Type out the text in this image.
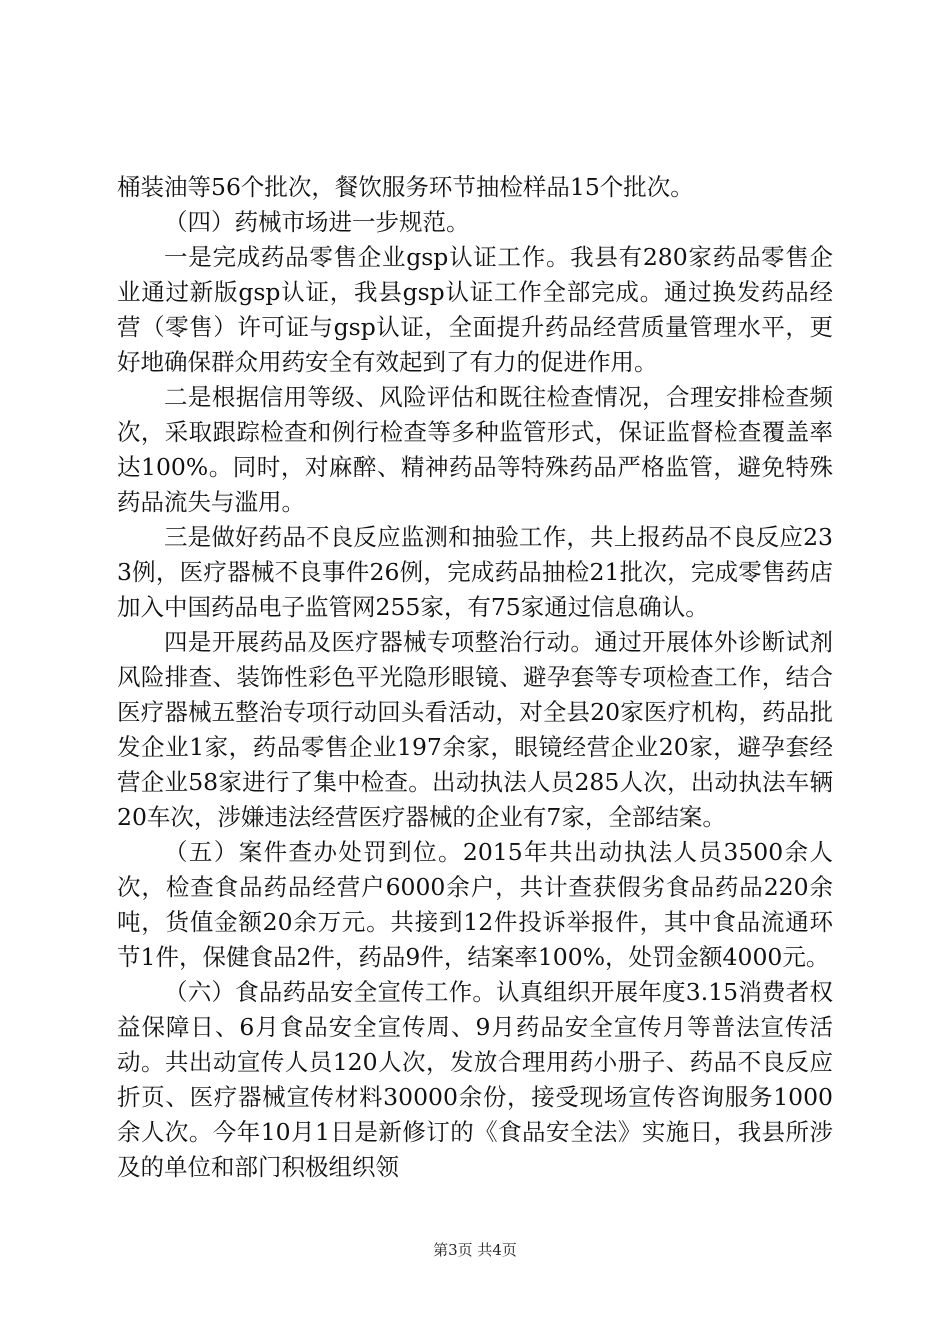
桶装油等56个批次，餐饮服务环节抽检样品15个批次。

（四）药械市场进一步规范。

一是完成药品零售企业gsp认证工作。我县有280家药品零售企业通过新版gsp认证，我县gsp认证工作全部完成。通过换发药品经营（零售）许可证与gsp认证，全面提升药品经营质量管理水平，更好地确保群众用药安全有效起到了有力的促进作用。

二是根据信用等级、风险评估和既往检查情况，合理安排检查频次，采取跟踪检查和例行检查等多种监管形式，保证监督检查覆盖率达100%。同时，对麻醉、精神药品等特殊药品严格监管，避免特殊药品流失与滥用。

三是做好药品不良反应监测和抽验工作，共上报药品不良反应233例，医疗器械不良事件26例，完成药品抽检21批次，完成零售药店加入中国药品电子监管网255家，有75家通过信息确认。

四是开展药品及医疗器械专项整治行动。通过开展体外诊断试剂风险排查、装饰性彩色平光隐形眼镜、避孕套等专项检查工作，结合医疗器械五整治专项行动回头看活动，对全县20家医疗机构，药品批发企业1家，药品零售企业197余家，眼镜经营企业20家，避孕套经营企业58家进行了集中检查。出动执法人员285人次，出动执法车辆20车次，涉嫌违法经营医疗器械的企业有7家，全部结案。

（五）案件查办处罚到位。2015年共出动执法人员3500余人次，检查食品药品经营户6000余户，共计查获假劣食品药品220余吨，货值金额20余万元。共接到12件投诉举报件，其中食品流通环节1件，保健食品2件，药品9件，结案率100%，处罚金额4000元。

（六）食品药品安全宣传工作。认真组织开展年度3.15消费者权益保障日、6月食品安全宣传周、9月药品安全宣传月等普法宣传活动。共出动宣传人员120人次，发放合理用药小册子、药品不良反应折页、医疗器械宣传材料30000余份，接受现场宣传咨询服务1000余人次。今年10月1日是新修订的《食品安全法》实施日，我县所涉及的单位和部门积极组织领

第3页 共4页
